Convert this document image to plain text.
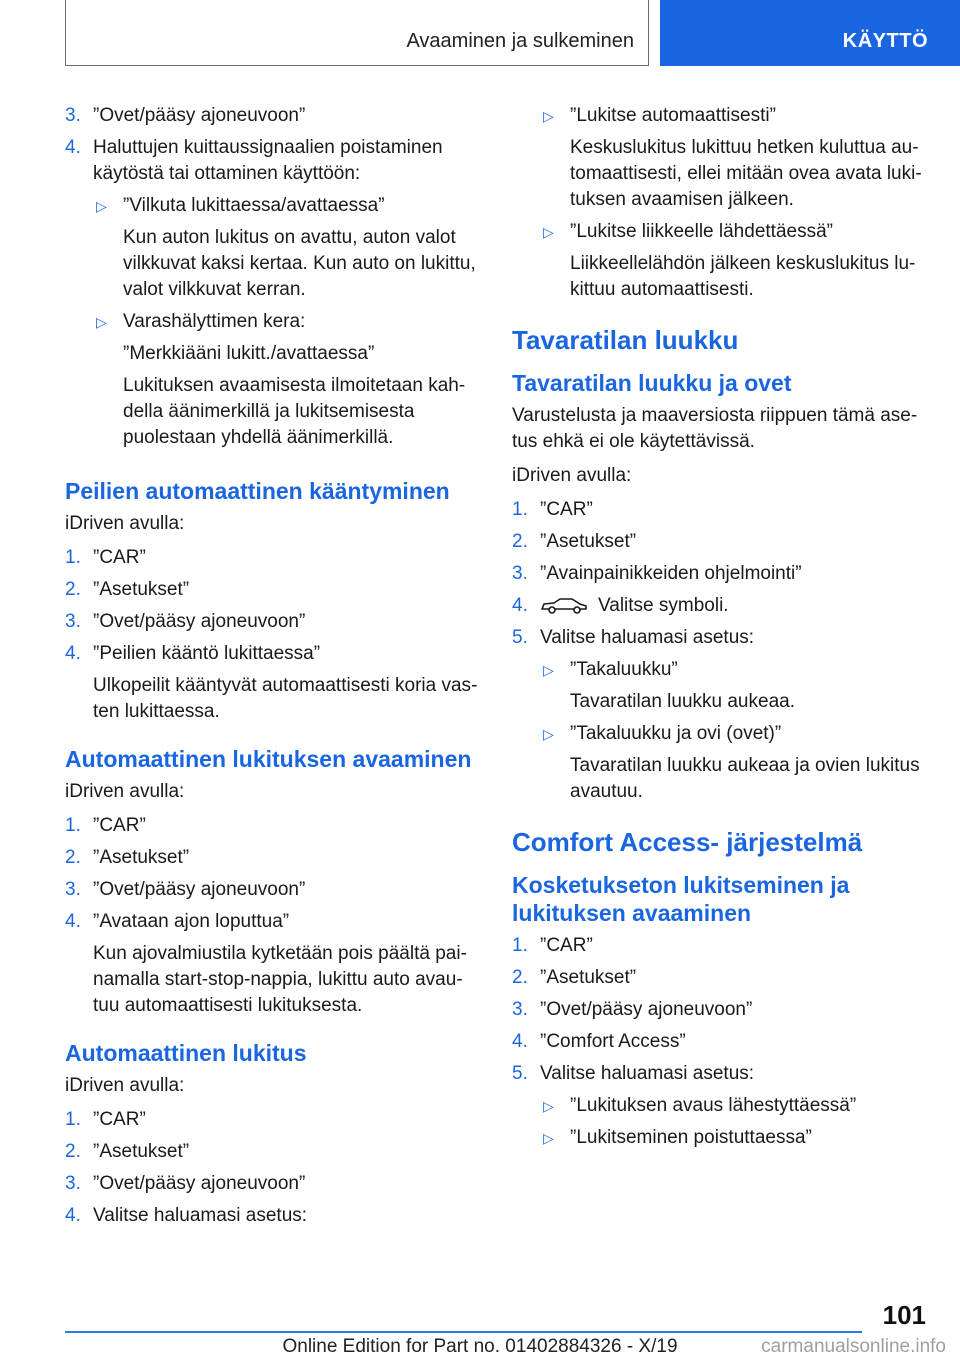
Avaaminen ja sulkeminen	KÄYTTÖ
3. ”Ovet/pääsy ajoneuvoon”
4. Haluttujen kuittaussignaalien poistaminen käytöstä tai ottaminen käyttöön:
▷ ”Vilkuta lukittaessa/avattaessa”
Kun auton lukitus on avattu, auton valot vilkkuvat kaksi kertaa. Kun auto on lukittu, valot vilkkuvat kerran.
▷ Varashälyttimen kera:
”Merkkiääni lukitt./avattaessa”
Lukituksen avaamisesta ilmoitetaan kahdella äänimerkillä ja lukitsemisesta puolestaan yhdellä äänimerkillä.
Peilien automaattinen kääntyminen
iDriven avulla:
1. ”CAR”
2. ”Asetukset”
3. ”Ovet/pääsy ajoneuvoon”
4. ”Peilien kääntö lukittaessa”
Ulkopeilit kääntyvät automaattisesti koria vasten lukittaessa.
Automaattinen lukituksen avaaminen
iDriven avulla:
1. ”CAR”
2. ”Asetukset”
3. ”Ovet/pääsy ajoneuvoon”
4. ”Avataan ajon loputtua”
Kun ajovalmiustila kytketään pois päältä painamalla start-stop-nappia, lukittu auto avautuu automaattisesti lukituksesta.
Automaattinen lukitus
iDriven avulla:
1. ”CAR”
2. ”Asetukset”
3. ”Ovet/pääsy ajoneuvoon”
4. Valitse haluamasi asetus:
▷ ”Lukitse automaattisesti”
Keskuslukitus lukittuu hetken kuluttua automaattisesti, ellei mitään ovea avata lukituksen avaamisen jälkeen.
▷ ”Lukitse liikkeelle lähdettäessä”
Liikkeellelähdön jälkeen keskuslukitus lukittuu automaattisesti.
Tavaratilan luukku
Tavaratilan luukku ja ovet
Varustelusta ja maaversiosta riippuen tämä asetus ehkä ei ole käytettävissä.
iDriven avulla:
1. ”CAR”
2. ”Asetukset”
3. ”Avainpainikkeiden ohjelmointi”
4.	Valitse symboli.
5. Valitse haluamasi asetus:
▷ ”Takaluukku”
Tavaratilan luukku aukeaa.
▷ ”Takaluukku ja ovi (ovet)”
Tavaratilan luukku aukeaa ja ovien lukitus avautuu.
Comfort Access- järjestelmä
Kosketukseton lukitseminen ja lukituksen avaaminen
1. ”CAR”
2. ”Asetukset”
3. ”Ovet/pääsy ajoneuvoon”
4. ”Comfort Access”
5. Valitse haluamasi asetus:
▷ ”Lukituksen avaus lähestyttäessä”
▷ ”Lukitseminen poistuttaessa”
101
Online Edition for Part no. 01402884326 - X/19	carmanualsonline.info
